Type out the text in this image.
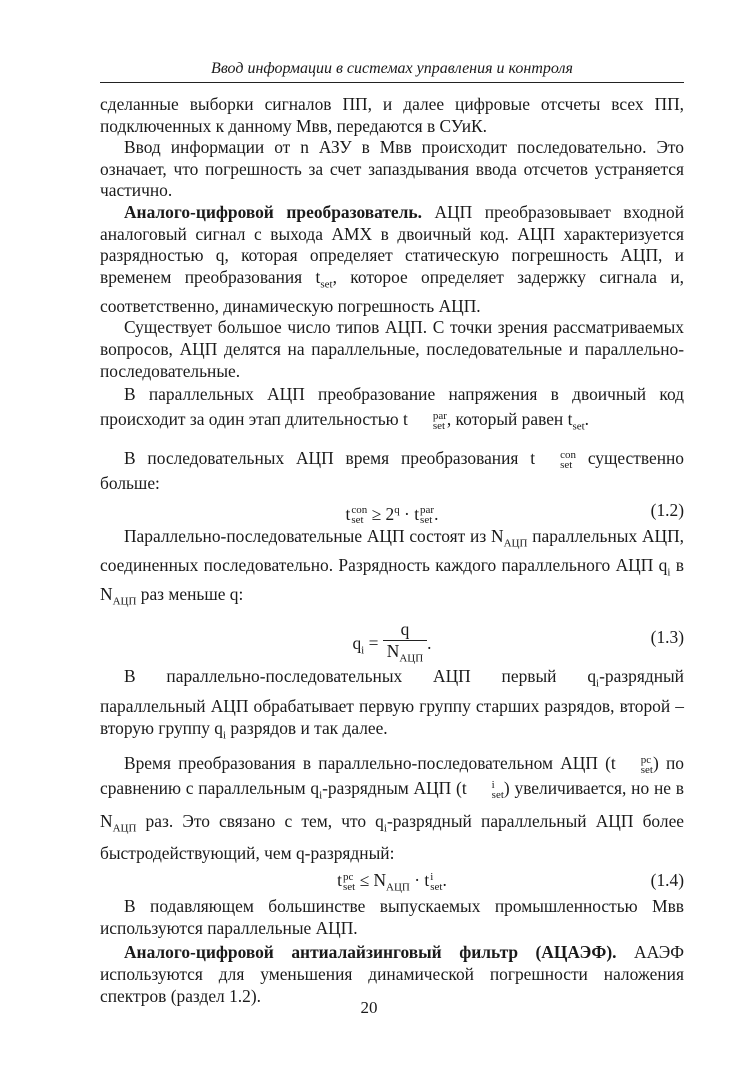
Ввод информации в системах управления и контроля

сделанные выборки сигналов ПП, и далее цифровые отсчеты всех ПП, подключенных к данному Мвв, передаются в СУиК.

Ввод информации от n АЗУ в Мвв происходит последовательно. Это означает, что погрешность за счет запаздывания ввода отсчетов устраняется частично.

Аналого-цифровой преобразователь. АЦП преобразовывает входной аналоговый сигнал с выхода АМХ в двоичный код. АЦП характеризуется разрядностью q, которая определяет статическую погрешность АЦП, и временем преобразования $t_{set}$, которое определяет задержку сигнала и, соответственно, динамическую погрешность АЦП.

Существует большое число типов АЦП. С точки зрения рассматриваемых вопросов, АЦП делятся на параллельные, последовательные и параллельно-последовательные.

В параллельных АЦП преобразование напряжения в двоичный код происходит за один этап длительностью t	par
set , который равен $t_{set}$.

В последовательных АЦП время преобразования t	con
set существенно больше:

t con
set ≥ $2^q \cdot t$ par
set .	(1.2)

Параллельно-последовательные АЦП состоят из $N_{АЦП}$ параллельных АЦП, соединенных последовательно. Разрядность каждого параллельного АЦП $q_i$ в $N_{АЦП}$ раз меньше q:

$q_i = \frac{q}{N_{АЦП}}$ .	(1.3)

В параллельно-последовательных АЦП первый $q_i$-разрядный параллельный АЦП обрабатывает первую группу старших разрядов, второй – вторую группу $q_i$ разрядов и так далее.

Время преобразования в параллельно-последовательном АЦП (t	pc
set ) по сравнению с параллельным $q_i$-разрядным АЦП (t	i
set ) увеличивается, но не в $N_{АЦП}$ раз. Это связано с тем, что $q_i$-разрядный параллельный АЦП более быстродействующий, чем q-разрядный:

t pc
set ≤ $N_{АЦП} \cdot t$ i
set .	(1.4)

В подавляющем большинстве выпускаемых промышленностью Мвв используются параллельные АЦП.

Аналого-цифровой антиалайзинговый фильтр (АЦАЭФ). ААЭФ используются для уменьшения динамической погрешности наложения спектров (раздел 1.2).

20
